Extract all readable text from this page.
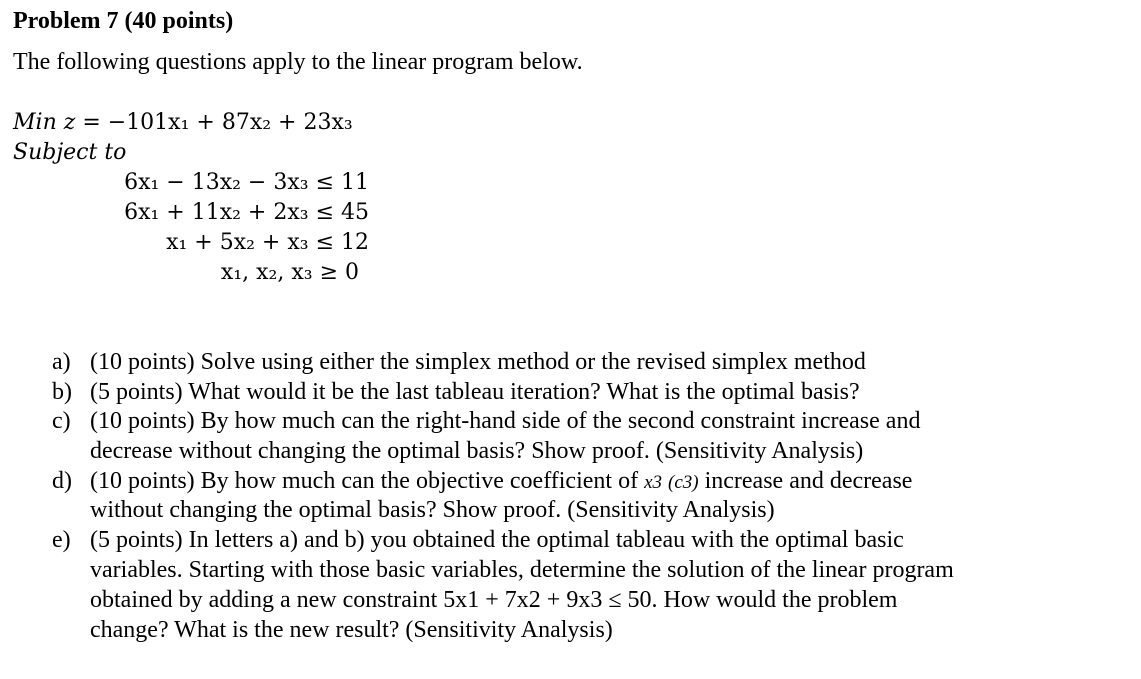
Problem 7 (40 points)
The following questions apply to the linear program below.
Min z = −101x₁ + 87x₂ + 23x₃
Subject to
6x₁ − 13x₂ − 3x₃ ≤ 11
6x₁ + 11x₂ + 2x₃ ≤ 45
x₁ + 5x₂ + x₃ ≤ 12
x₁, x₂, x₃ ≥ 0
a) (10 points) Solve using either the simplex method or the revised simplex method
b) (5 points) What would it be the last tableau iteration? What is the optimal basis?
c) (10 points) By how much can the right-hand side of the second constraint increase and
decrease without changing the optimal basis? Show proof. (Sensitivity Analysis)
d) (10 points) By how much can the objective coefficient of x3 (c3) increase and decrease
without changing the optimal basis? Show proof. (Sensitivity Analysis)
e) (5 points) In letters a) and b) you obtained the optimal tableau with the optimal basic
variables. Starting with those basic variables, determine the solution of the linear program
obtained by adding a new constraint 5x1 + 7x2 + 9x3 ≤ 50. How would the problem
change? What is the new result? (Sensitivity Analysis)
